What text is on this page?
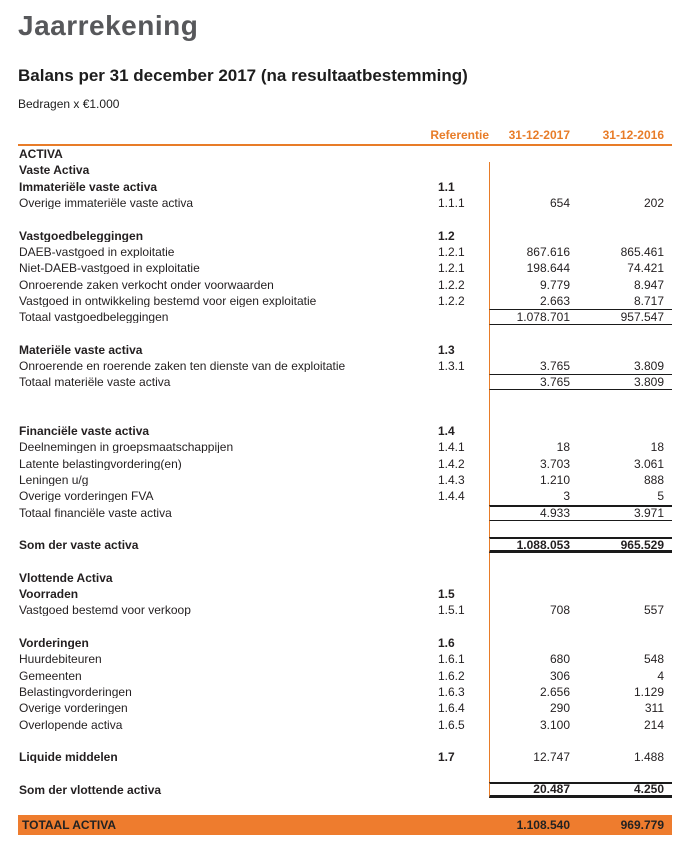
Jaarrekening
Balans per 31 december 2017 (na resultaatbestemming)
Bedragen x €1.000
Referentie	31-12-2017	31-12-2016
ACTIVA
Vaste Activa
Immateriële vaste activa	1.1
Overige immateriële vaste activa	1.1.1	654	202
Vastgoedbeleggingen	1.2
DAEB-vastgoed in exploitatie	1.2.1	867.616	865.461
Niet-DAEB-vastgoed in exploitatie	1.2.1	198.644	74.421
Onroerende zaken verkocht onder voorwaarden	1.2.2	9.779	8.947
Vastgoed in ontwikkeling bestemd voor eigen exploitatie	1.2.2	2.663	8.717
Totaal vastgoedbeleggingen	1.078.701	957.547
Materiële vaste activa	1.3
Onroerende en roerende zaken ten dienste van de exploitatie	1.3.1	3.765	3.809
Totaal materiële vaste activa	3.765	3.809
Financiële vaste activa	1.4
Deelnemingen in groepsmaatschappijen	1.4.1	18	18
Latente belastingvordering(en)	1.4.2	3.703	3.061
Leningen u/g	1.4.3	1.210	888
Overige vorderingen FVA	1.4.4	3	5
Totaal financiële vaste activa	4.933	3.971
Som der vaste activa	1.088.053	965.529
Vlottende Activa
Voorraden	1.5
Vastgoed bestemd voor verkoop	1.5.1	708	557
Vorderingen	1.6
Huurdebiteuren	1.6.1	680	548
Gemeenten	1.6.2	306	4
Belastingvorderingen	1.6.3	2.656	1.129
Overige vorderingen	1.6.4	290	311
Overlopende activa	1.6.5	3.100	214
Liquide middelen	1.7	12.747	1.488
Som der vlottende activa	20.487	4.250
TOTAAL ACTIVA	1.108.540	969.779
